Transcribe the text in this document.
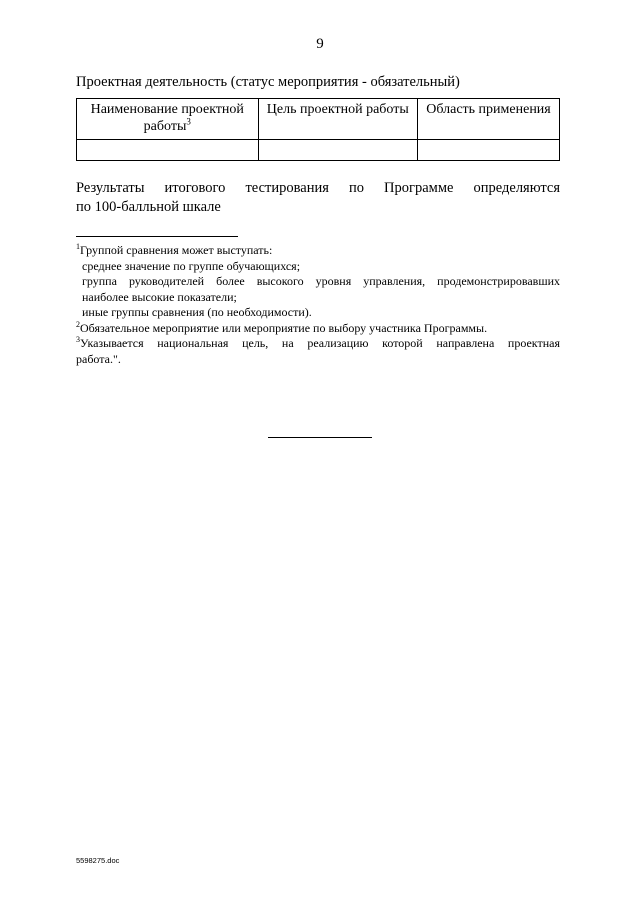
9
Проектная деятельность (статус мероприятия - обязательный)
Наименование проектной работы$^3$	Цель проектной работы	Область применения

Результаты итогового тестирования по Программе определяются
по 100-балльной шкале

$^1$Группой сравнения может выступать:

среднее значение по группе обучающихся;

группа руководителей более высокого уровня управления, продемонстрировавших

наиболее высокие показатели;

иные группы сравнения (по необходимости).

$^2$Обязательное мероприятие или мероприятие по выбору участника Программы.

$^3$Указывается национальная цель, на реализацию которой направлена проектная

работа.".

5598275.doc
